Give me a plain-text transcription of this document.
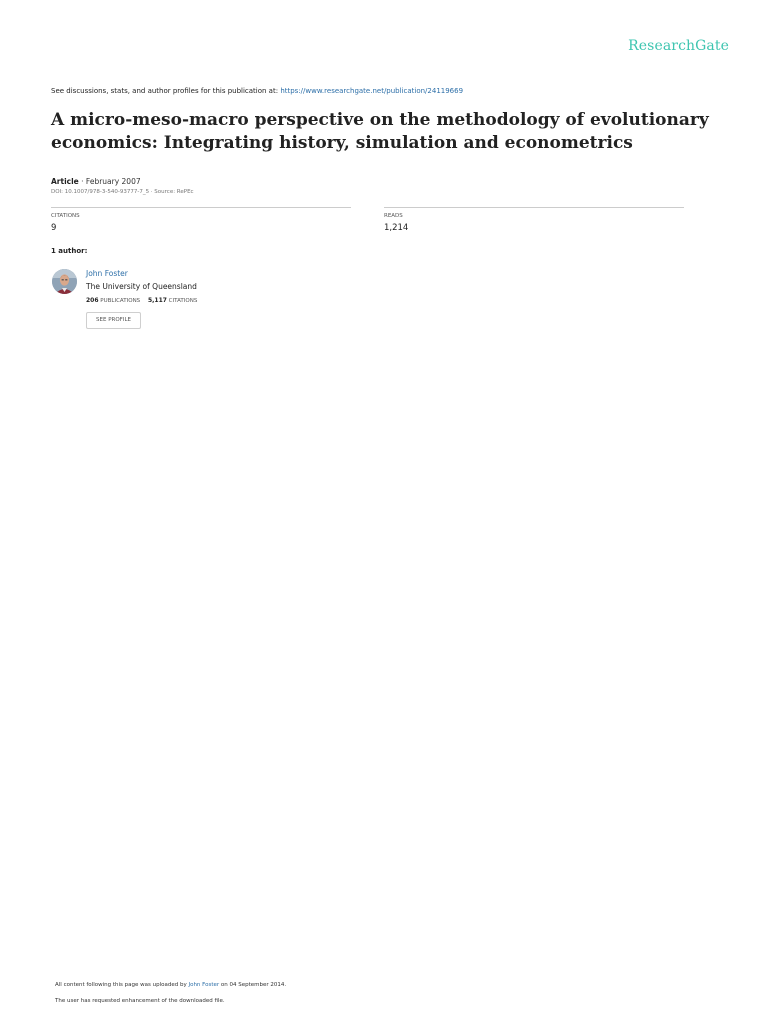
ResearchGate
See discussions, stats, and author profiles for this publication at: https://www.researchgate.net/publication/24119669
A micro-meso-macro perspective on the methodology of evolutionary economics: Integrating history, simulation and econometrics
Article · February 2007
DOI: 10.1007/978-3-540-93777-7_5 · Source: RePEc
CITATIONS
9
READS
1,214
1 author:
John Foster
The University of Queensland
206 PUBLICATIONS 5,117 CITATIONS
SEE PROFILE
All content following this page was uploaded by John Foster on 04 September 2014.
The user has requested enhancement of the downloaded file.
